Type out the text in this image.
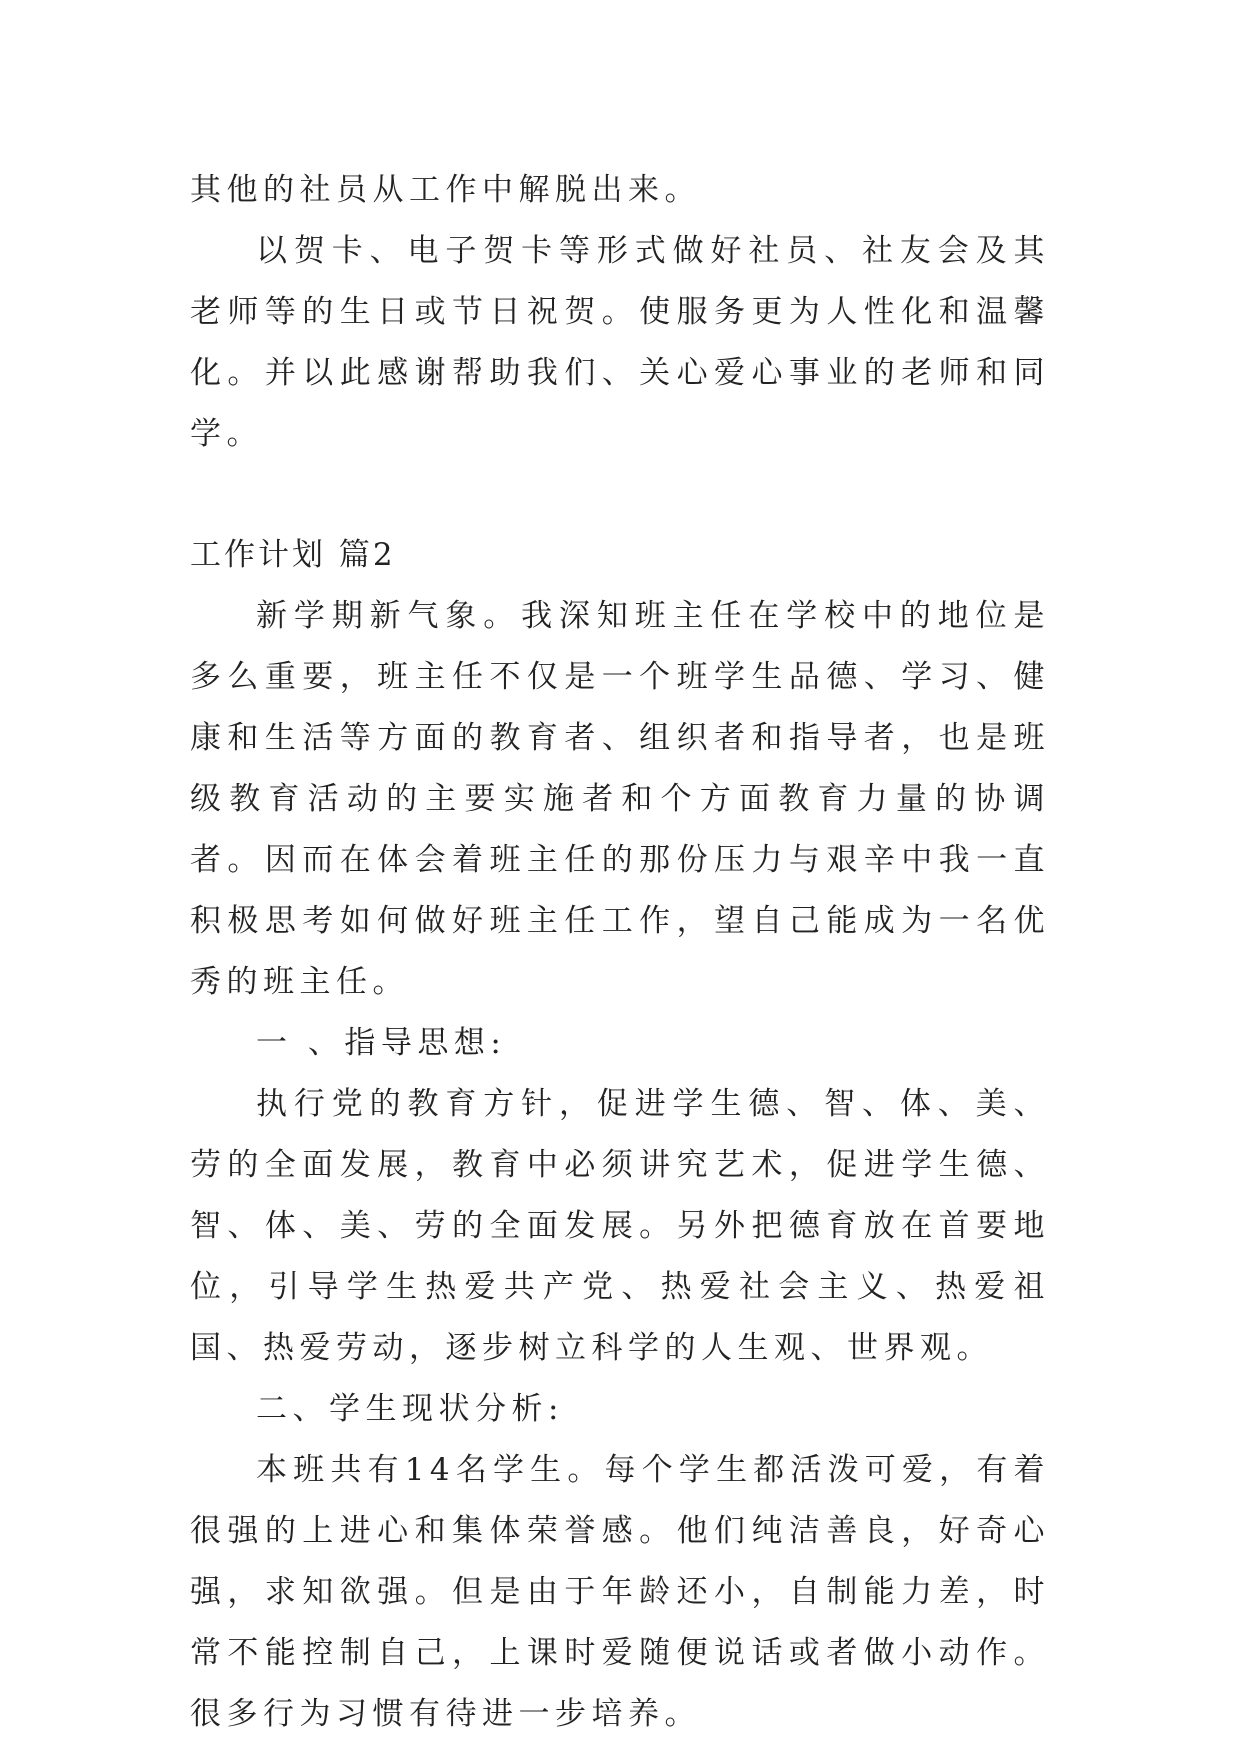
其他的社员从工作中解脱出来。

以贺卡、电子贺卡等形式做好社员、社友会及其老师等的生日或节日祝贺。使服务更为人性化和温馨化。并以此感谢帮助我们、关心爱心事业的老师和同学。

工作计划 篇2

新学期新气象。我深知班主任在学校中的地位是多么重要，班主任不仅是一个班学生品德、学习、健康和生活等方面的教育者、组织者和指导者，也是班级教育活动的主要实施者和个方面教育力量的协调者。因而在体会着班主任的那份压力与艰辛中我一直积极思考如何做好班主任工作，望自己能成为一名优秀的班主任。

一 、指导思想:

执行党的教育方针，促进学生德、智、体、美、劳的全面发展，教育中必须讲究艺术，促进学生德、智、体、美、劳的全面发展。另外把德育放在首要地位，引导学生热爱共产党、热爱社会主义、热爱祖国、热爱劳动，逐步树立科学的人生观、世界观。

二、学生现状分析:

本班共有14名学生。每个学生都活泼可爱，有着很强的上进心和集体荣誉感。他们纯洁善良，好奇心强，求知欲强。但是由于年龄还小，自制能力差，时常不能控制自己，上课时爱随便说话或者做小动作。很多行为习惯有待进一步培养。
